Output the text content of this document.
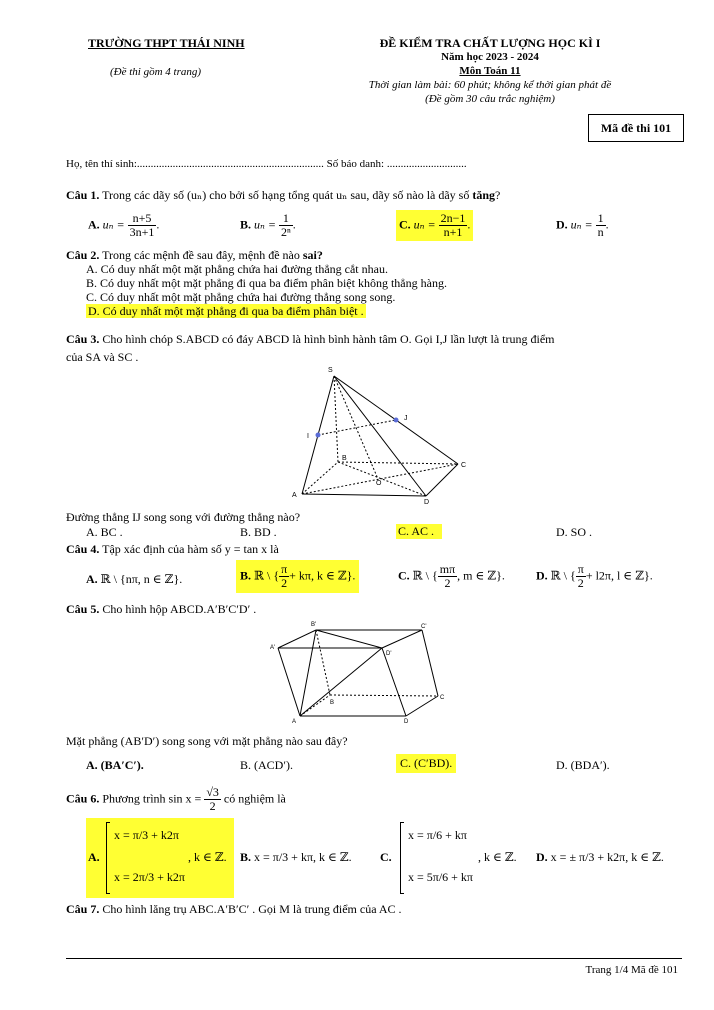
TRƯỜNG THPT THÁI NINH
(Đề thi gồm 4 trang)
ĐỀ KIỂM TRA CHẤT LƯỢNG HỌC KÌ I
Năm học 2023 - 2024
Môn Toán 11
Thời gian làm bài: 60 phút; không kể thời gian phát đề
(Đề gồm 30 câu trắc nghiệm)
Mã đề thi 101
Họ, tên thí sinh:.................................................................... Số báo danh: .............................
Câu 1. Trong các dãy số (uₙ) cho bởi số hạng tổng quát uₙ sau, dãy số nào là dãy số tăng?
A. $u_n = \frac{n+5}{3n+1}$ .	B. $u_n = \frac{1}{\text{2ⁿ}}$ .	C. $u_n = \frac{2n-1}{n+1}$ .	D. $u_n = \frac{1}{n}$ .
Câu 2. Trong các mệnh đề sau đây, mệnh đề nào sai?
A. Có duy nhất một mặt phẳng chứa hai đường thẳng cắt nhau.
B. Có duy nhất một mặt phẳng đi qua ba điểm phân biệt không thẳng hàng.
C. Có duy nhất một mặt phẳng chứa hai đường thẳng song song.
D. Có duy nhất một mặt phẳng đi qua ba điểm phân biệt .
Câu 3. Cho hình chóp S.ABCD có đáy ABCD là hình bình hành tâm O. Gọi I,J lần lượt là trung điểm
của SA và SC .
S
J
I
B
C
O
A
D
Đường thẳng IJ song song với đường thẳng nào?
A. BC .	B. BD .	C. AC .	D. SO .
Câu 4. Tập xác định của hàm số y = tan x là
A. ℝ \ {nπ, n ∈ ℤ}.	B. ℝ \ { $\frac{\pi}{2} + k\pi$, k ∈ ℤ}.	C. ℝ \ { $\frac{m\pi}{2}$ , m ∈ ℤ}.	D. ℝ \ { $\frac{\pi}{2} + l2\pi$, l ∈ ℤ}.
Câu 5. Cho hình hộp ABCD.A′B′C′D′ .
B'	C'
A'
D'
B
C
A	D
Mặt phẳng (AB′D′) song song với mặt phẳng nào sau đây?
A. (BA′C′).	B. (ACD′).	C. (C′BD).	D. (BDA′).
Câu 6. Phương trình $\sin x = \frac{√3}{2}$ có nghiệm là
A.
x = π/3 + k2π
x = 2π/3 + k2π
, k ∈ ℤ. B. x = π/3 + kπ, k ∈ ℤ. C.
x = π/6 + kπ
x = 5π/6 + kπ
, k ∈ ℤ. D. x = ± π/3 + k2π, k ∈ ℤ.
Câu 7. Cho hình lăng trụ ABC.A′B′C′ . Gọi M là trung điểm của AC .
Trang 1/4 Mã đề 101
